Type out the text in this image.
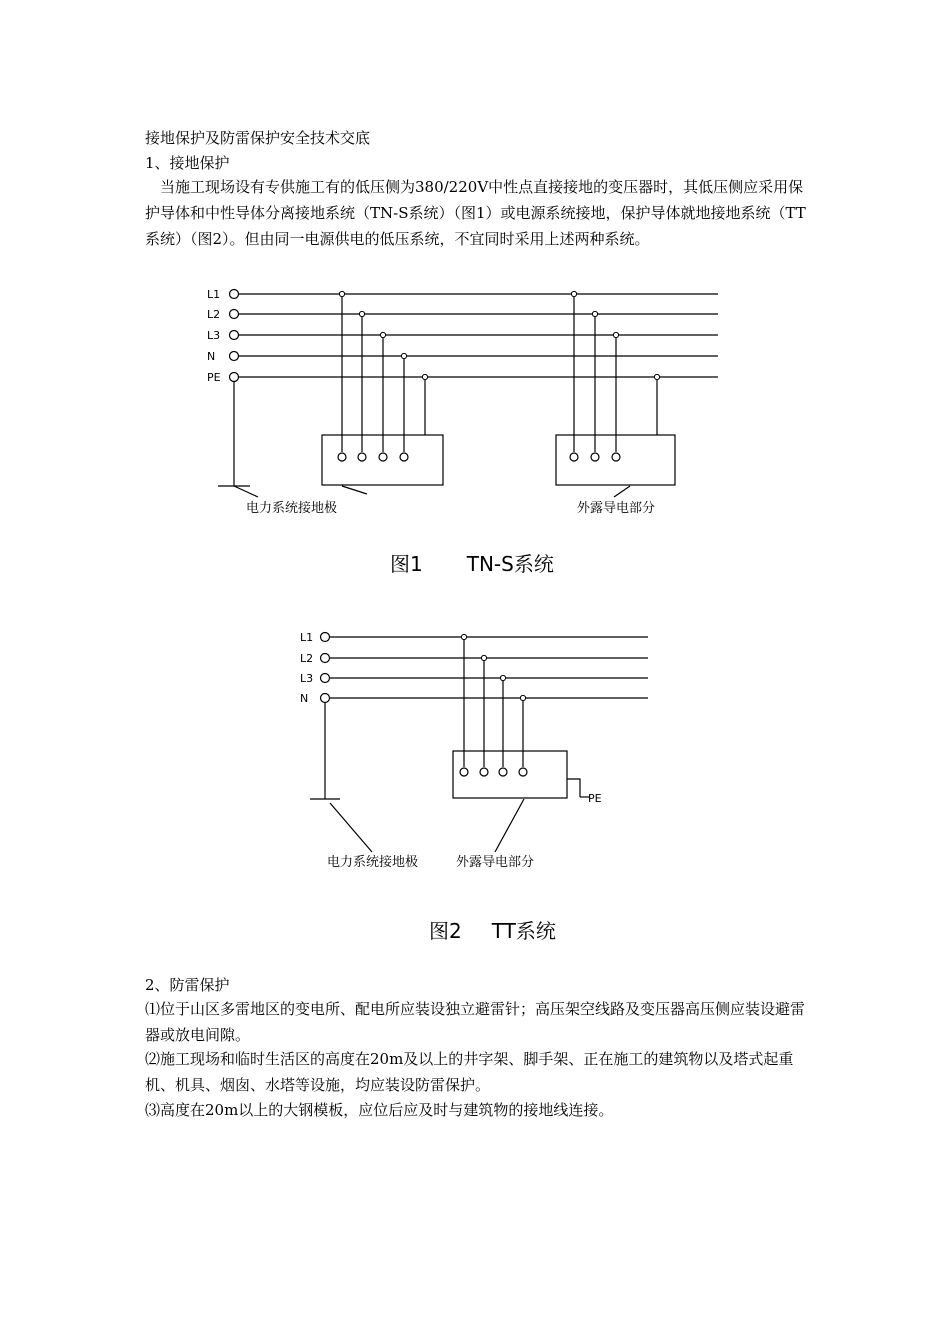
接地保护及防雷保护安全技术交底
1、接地保护
当施工现场设有专供施工有的低压侧为380/220V中性点直接接地的变压器时，其低压侧应采用保护导体和中性导体分离接地系统（TN-S系统）（图1）或电源系统接地，保护导体就地接地系统（TT系统）（图2）。但由同一电源供电的低压系统，不宜同时采用上述两种系统。
L1
L2
L3
N
PE
电力系统接地极	外露导电部分
图1 TN-S系统
L1
L2
L3
N
PE
电力系统接地极	外露导电部分
图2 TT系统
2、防雷保护
⑴位于山区多雷地区的变电所、配电所应装设独立避雷针；高压架空线路及变压器高压侧应装设避雷器或放电间隙。
⑵施工现场和临时生活区的高度在20m及以上的井字架、脚手架、正在施工的建筑物以及塔式起重机、机具、烟囱、水塔等设施，均应装设防雷保护。
⑶高度在20m以上的大钢模板，应位后应及时与建筑物的接地线连接。
